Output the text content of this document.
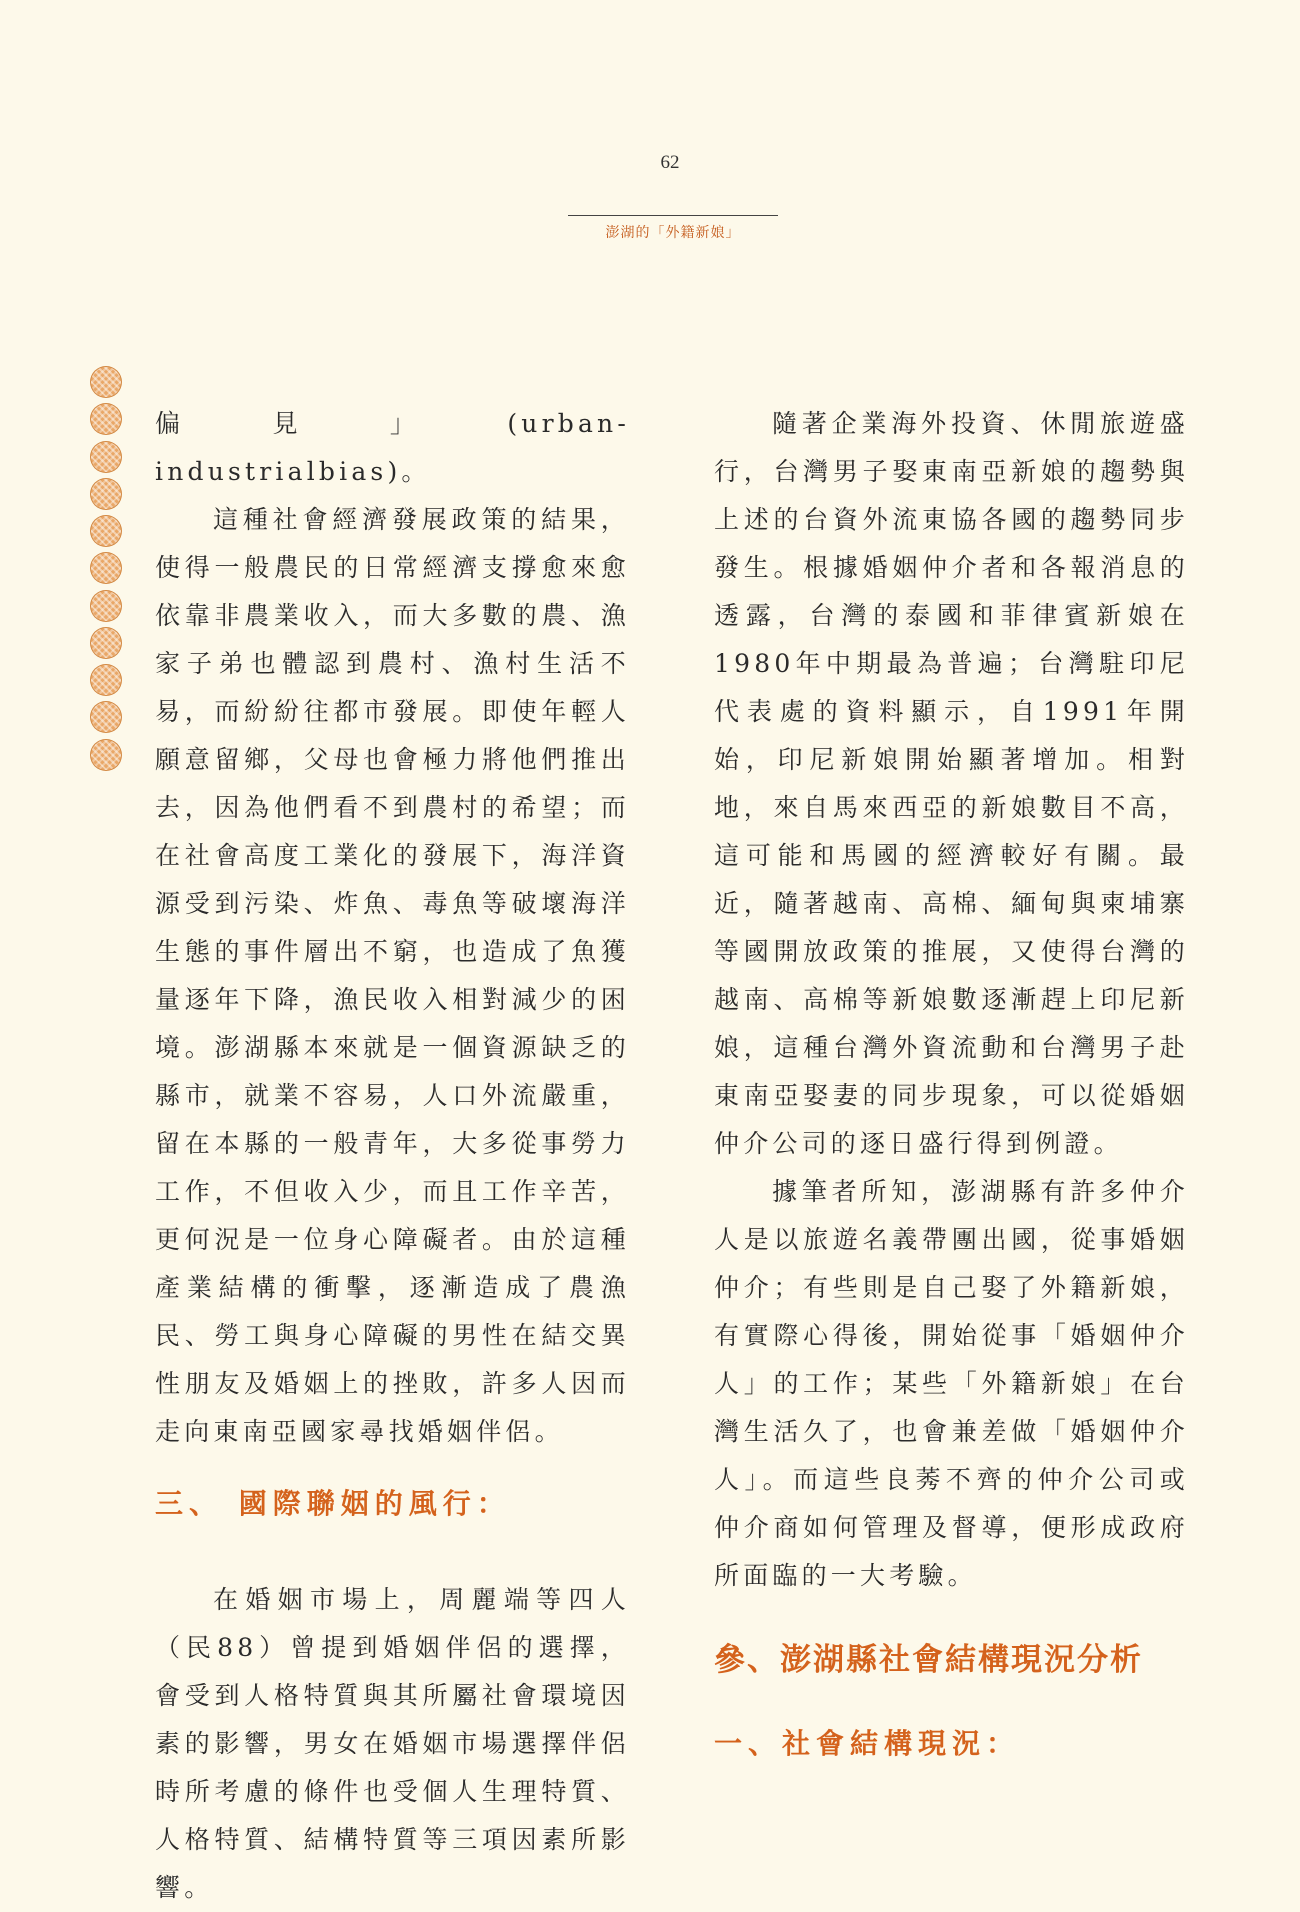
62
澎湖的「外籍新娘」

偏見」(urban-industrialbias)。

這種社會經濟發展政策的結果，使得一般農民的日常經濟支撐愈來愈依靠非農業收入，而大多數的農、漁家子弟也體認到農村、漁村生活不易，而紛紛往都市發展。即使年輕人願意留鄉，父母也會極力將他們推出去，因為他們看不到農村的希望；而在社會高度工業化的發展下，海洋資源受到污染、炸魚、毒魚等破壞海洋生態的事件層出不窮，也造成了魚獲量逐年下降，漁民收入相對減少的困境。澎湖縣本來就是一個資源缺乏的縣市，就業不容易，人口外流嚴重，留在本縣的一般青年，大多從事勞力工作，不但收入少，而且工作辛苦，更何況是一位身心障礙者。由於這種產業結構的衝擊，逐漸造成了農漁民、勞工與身心障礙的男性在結交異性朋友及婚姻上的挫敗，許多人因而走向東南亞國家尋找婚姻伴侶。

三、 國際聯姻的風行：

在婚姻市場上，周麗端等四人（民88）曾提到婚姻伴侶的選擇，會受到人格特質與其所屬社會環境因素的影響，男女在婚姻市場選擇伴侶時所考慮的條件也受個人生理特質、人格特質、結構特質等三項因素所影響。

隨著企業海外投資、休閒旅遊盛行，台灣男子娶東南亞新娘的趨勢與上述的台資外流東協各國的趨勢同步發生。根據婚姻仲介者和各報消息的透露，台灣的泰國和菲律賓新娘在1980年中期最為普遍；台灣駐印尼代表處的資料顯示，自1991年開始，印尼新娘開始顯著增加。相對地，來自馬來西亞的新娘數目不高，這可能和馬國的經濟較好有關。最近，隨著越南、高棉、緬甸與柬埔寨等國開放政策的推展，又使得台灣的越南、高棉等新娘數逐漸趕上印尼新娘，這種台灣外資流動和台灣男子赴東南亞娶妻的同步現象，可以從婚姻仲介公司的逐日盛行得到例證。

據筆者所知，澎湖縣有許多仲介人是以旅遊名義帶團出國，從事婚姻仲介；有些則是自己娶了外籍新娘，有實際心得後，開始從事「婚姻仲介人」的工作；某些「外籍新娘」在台灣生活久了，也會兼差做「婚姻仲介人」。而這些良莠不齊的仲介公司或仲介商如何管理及督導，便形成政府所面臨的一大考驗。

參、澎湖縣社會結構現況分析
一、社會結構現況：
